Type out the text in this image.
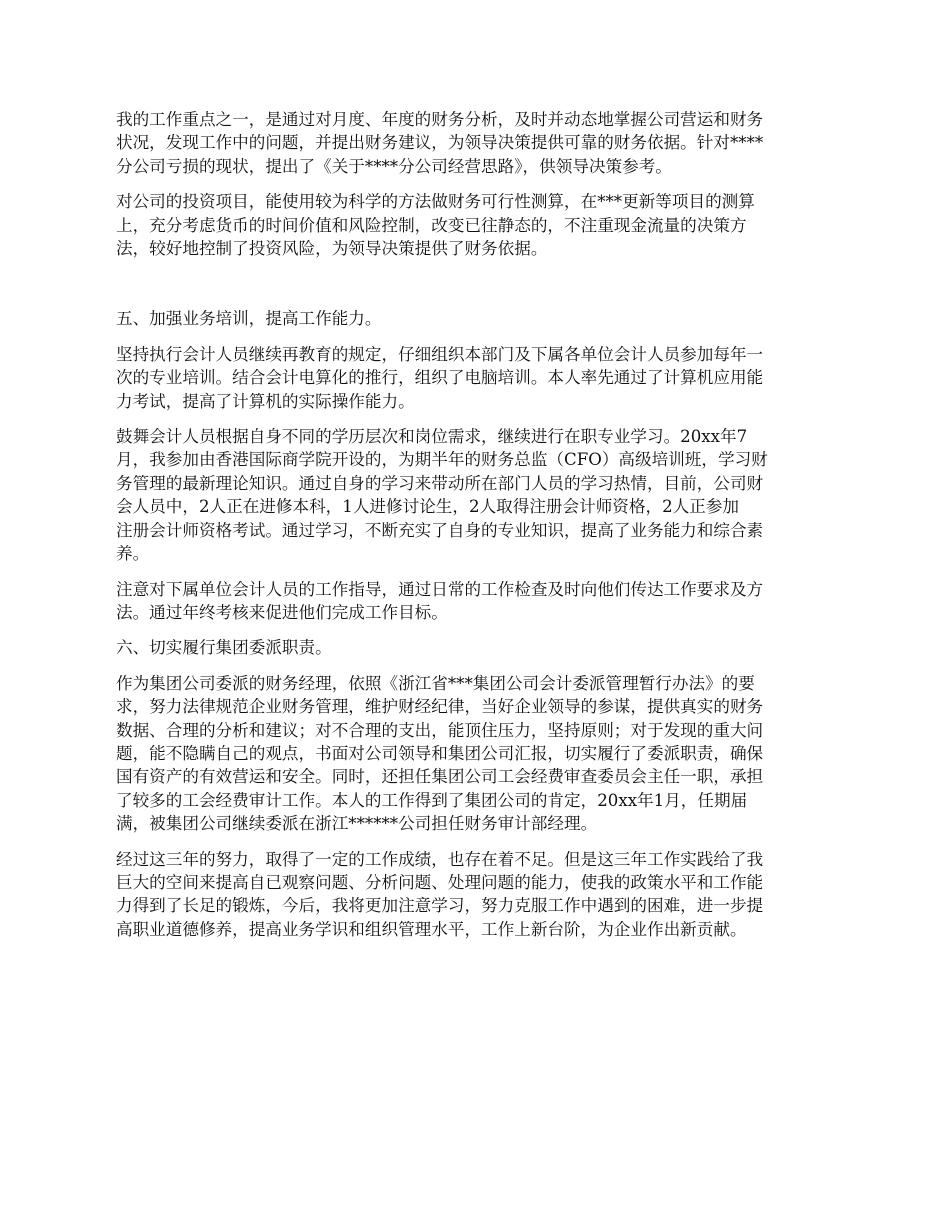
我的工作重点之一，是通过对月度、年度的财务分析，及时并动态地掌握公司营运和财务
状况，发现工作中的问题，并提出财务建议，为领导决策提供可靠的财务依据。针对****
分公司亏损的现状，提出了《关于****分公司经营思路》，供领导决策参考。

对公司的投资项目，能使用较为科学的方法做财务可行性测算，在***更新等项目的测算
上，充分考虑货币的时间价值和风险控制，改变已往静态的，不注重现金流量的决策方
法，较好地控制了投资风险，为领导决策提供了财务依据。

五、加强业务培训，提高工作能力。

坚持执行会计人员继续再教育的规定，仔细组织本部门及下属各单位会计人员参加每年一
次的专业培训。结合会计电算化的推行，组织了电脑培训。本人率先通过了计算机应用能
力考试，提高了计算机的实际操作能力。

鼓舞会计人员根据自身不同的学历层次和岗位需求，继续进行在职专业学习。20xx年7
月，我参加由香港国际商学院开设的，为期半年的财务总监（CFO）高级培训班，学习财
务管理的最新理论知识。通过自身的学习来带动所在部门人员的学习热情，目前，公司财
会人员中，2人正在进修本科，1人进修讨论生，2人取得注册会计师资格，2人正参加
注册会计师资格考试。通过学习，不断充实了自身的专业知识，提高了业务能力和综合素
养。

注意对下属单位会计人员的工作指导，通过日常的工作检查及时向他们传达工作要求及方
法。通过年终考核来促进他们完成工作目标。

六、切实履行集团委派职责。

作为集团公司委派的财务经理，依照《浙江省***集团公司会计委派管理暂行办法》的要
求，努力法律规范企业财务管理，维护财经纪律，当好企业领导的参谋，提供真实的财务
数据、合理的分析和建议；对不合理的支出，能顶住压力，坚持原则；对于发现的重大问
题，能不隐瞒自己的观点，书面对公司领导和集团公司汇报，切实履行了委派职责，确保
国有资产的有效营运和安全。同时，还担任集团公司工会经费审查委员会主任一职，承担
了较多的工会经费审计工作。本人的工作得到了集团公司的肯定，20xx年1月，任期届
满，被集团公司继续委派在浙江******公司担任财务审计部经理。

经过这三年的努力，取得了一定的工作成绩，也存在着不足。但是这三年工作实践给了我
巨大的空间来提高自已观察问题、分析问题、处理问题的能力，使我的政策水平和工作能
力得到了长足的锻炼，今后，我将更加注意学习，努力克服工作中遇到的困难，进一步提
高职业道德修养，提高业务学识和组织管理水平，工作上新台阶，为企业作出新贡献。
